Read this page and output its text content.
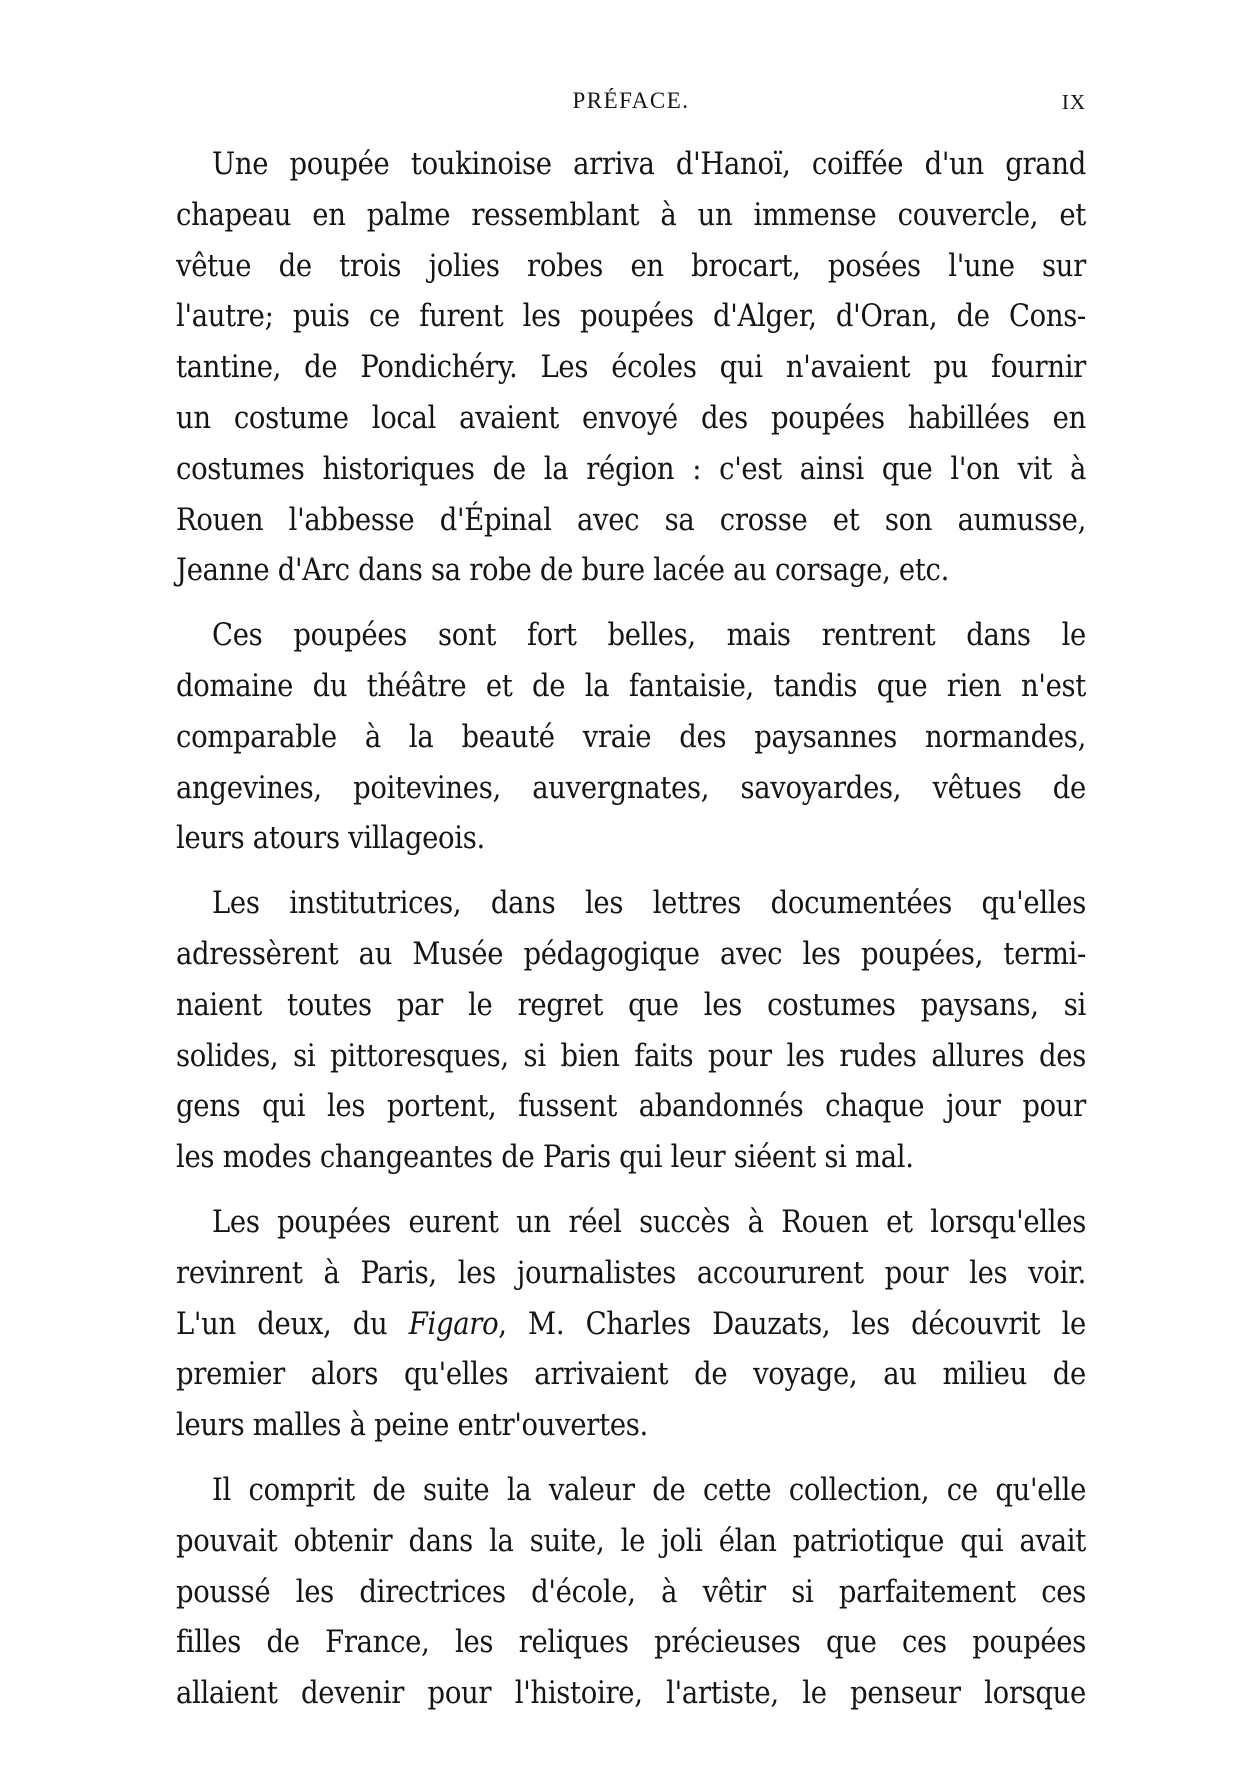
PRÉFACE.	IX
Une poupée toukinoise arriva d'Hanoï, coiffée d'un grand
chapeau en palme ressemblant à un immense couvercle, et
vêtue de trois jolies robes en brocart, posées l'une sur
l'autre; puis ce furent les poupées d'Alger, d'Oran, de Cons-
tantine, de Pondichéry. Les écoles qui n'avaient pu fournir
un costume local avaient envoyé des poupées habillées en
costumes historiques de la région : c'est ainsi que l'on vit à
Rouen l'abbesse d'Épinal avec sa crosse et son aumusse,
Jeanne d'Arc dans sa robe de bure lacée au corsage, etc.
Ces poupées sont fort belles, mais rentrent dans le
domaine du théâtre et de la fantaisie, tandis que rien n'est
comparable à la beauté vraie des paysannes normandes,
angevines, poitevines, auvergnates, savoyardes, vêtues de
leurs atours villageois.
Les institutrices, dans les lettres documentées qu'elles
adressèrent au Musée pédagogique avec les poupées, termi-
naient toutes par le regret que les costumes paysans, si
solides, si pittoresques, si bien faits pour les rudes allures des
gens qui les portent, fussent abandonnés chaque jour pour
les modes changeantes de Paris qui leur siéent si mal.
Les poupées eurent un réel succès à Rouen et lorsqu'elles
revinrent à Paris, les journalistes accoururent pour les voir.
L'un deux, du Figaro, M. Charles Dauzats, les découvrit le
premier alors qu'elles arrivaient de voyage, au milieu de
leurs malles à peine entr'ouvertes.
Il comprit de suite la valeur de cette collection, ce qu'elle
pouvait obtenir dans la suite, le joli élan patriotique qui avait
poussé les directrices d'école, à vêtir si parfaitement ces
filles de France, les reliques précieuses que ces poupées
allaient devenir pour l'histoire, l'artiste, le penseur lorsque
